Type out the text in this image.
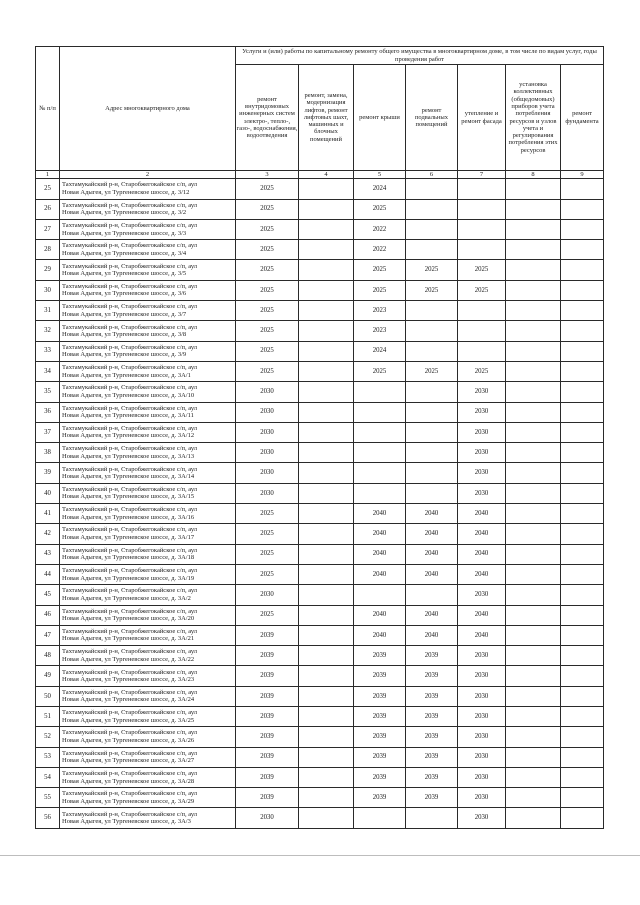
№ п/п	Адрес многоквартирного дома	Услуги и (или) работы по капитальному ремонту общего имущества в многоквартирном доме, в том числе по видам услуг, годы проведения работ						
		ремонт внутридомовых инженерных систем электро-, тепло-, газо-, водоснабжения, водоотведения	ремонт, замена, модернизация лифтов, ремонт лифтовых шахт, машинных и блочных помещений	ремонт крыши	ремонт подвальных помещений	утепление и ремонт фасада	установка коллективных (общедомовых) приборов учета потребления ресурсов и узлов учета и регулирования потребления этих ресурсов	ремонт фундамента
1	2	3	4	5	6	7	8	9
25	Тахтамукайский р-н, Старобжегокайское с/п, аул
Новая Адыгея, ул Тургеневское шоссе, д. 3/12	2025		2024				
26	Тахтамукайский р-н, Старобжегокайское с/п, аул
Новая Адыгея, ул Тургеневское шоссе, д. 3/2	2025		2025				
27	Тахтамукайский р-н, Старобжегокайское с/п, аул
Новая Адыгея, ул Тургеневское шоссе, д. 3/3	2025		2022				
28	Тахтамукайский р-н, Старобжегокайское с/п, аул
Новая Адыгея, ул Тургеневское шоссе, д. 3/4	2025		2022				
29	Тахтамукайский р-н, Старобжегокайское с/п, аул
Новая Адыгея, ул Тургеневское шоссе, д. 3/5	2025		2025	2025	2025		
30	Тахтамукайский р-н, Старобжегокайское с/п, аул
Новая Адыгея, ул Тургеневское шоссе, д. 3/6	2025		2025	2025	2025		
31	Тахтамукайский р-н, Старобжегокайское с/п, аул
Новая Адыгея, ул Тургеневское шоссе, д. 3/7	2025		2023				
32	Тахтамукайский р-н, Старобжегокайское с/п, аул
Новая Адыгея, ул Тургеневское шоссе, д. 3/8	2025		2023				
33	Тахтамукайский р-н, Старобжегокайское с/п, аул
Новая Адыгея, ул Тургеневское шоссе, д. 3/9	2025		2024				
34	Тахтамукайский р-н, Старобжегокайское с/п, аул
Новая Адыгея, ул Тургеневское шоссе, д. 3А/1	2025		2025	2025	2025		
35	Тахтамукайский р-н, Старобжегокайское с/п, аул
Новая Адыгея, ул Тургеневское шоссе, д. 3А/10	2030				2030		
36	Тахтамукайский р-н, Старобжегокайское с/п, аул
Новая Адыгея, ул Тургеневское шоссе, д. 3А/11	2030				2030		
37	Тахтамукайский р-н, Старобжегокайское с/п, аул
Новая Адыгея, ул Тургеневское шоссе, д. 3А/12	2030				2030		
38	Тахтамукайский р-н, Старобжегокайское с/п, аул
Новая Адыгея, ул Тургеневское шоссе, д. 3А/13	2030				2030		
39	Тахтамукайский р-н, Старобжегокайское с/п, аул
Новая Адыгея, ул Тургеневское шоссе, д. 3А/14	2030				2030		
40	Тахтамукайский р-н, Старобжегокайское с/п, аул
Новая Адыгея, ул Тургеневское шоссе, д. 3А/15	2030				2030		
41	Тахтамукайский р-н, Старобжегокайское с/п, аул
Новая Адыгея, ул Тургеневское шоссе, д. 3А/16	2025		2040	2040	2040		
42	Тахтамукайский р-н, Старобжегокайское с/п, аул
Новая Адыгея, ул Тургеневское шоссе, д. 3А/17	2025		2040	2040	2040		
43	Тахтамукайский р-н, Старобжегокайское с/п, аул
Новая Адыгея, ул Тургеневское шоссе, д. 3А/18	2025		2040	2040	2040		
44	Тахтамукайский р-н, Старобжегокайское с/п, аул
Новая Адыгея, ул Тургеневское шоссе, д. 3А/19	2025		2040	2040	2040		
45	Тахтамукайский р-н, Старобжегокайское с/п, аул
Новая Адыгея, ул Тургеневское шоссе, д. 3А/2	2030				2030		
46	Тахтамукайский р-н, Старобжегокайское с/п, аул
Новая Адыгея, ул Тургеневское шоссе, д. 3А/20	2025		2040	2040	2040		
47	Тахтамукайский р-н, Старобжегокайское с/п, аул
Новая Адыгея, ул Тургеневское шоссе, д. 3А/21	2039		2040	2040	2040		
48	Тахтамукайский р-н, Старобжегокайское с/п, аул
Новая Адыгея, ул Тургеневское шоссе, д. 3А/22	2039		2039	2039	2030		
49	Тахтамукайский р-н, Старобжегокайское с/п, аул
Новая Адыгея, ул Тургеневское шоссе, д. 3А/23	2039		2039	2039	2030		
50	Тахтамукайский р-н, Старобжегокайское с/п, аул
Новая Адыгея, ул Тургеневское шоссе, д. 3А/24	2039		2039	2039	2030		
51	Тахтамукайский р-н, Старобжегокайское с/п, аул
Новая Адыгея, ул Тургеневское шоссе, д. 3А/25	2039		2039	2039	2030		
52	Тахтамукайский р-н, Старобжегокайское с/п, аул
Новая Адыгея, ул Тургеневское шоссе, д. 3А/26	2039		2039	2039	2030		
53	Тахтамукайский р-н, Старобжегокайское с/п, аул
Новая Адыгея, ул Тургеневское шоссе, д. 3А/27	2039		2039	2039	2030		
54	Тахтамукайский р-н, Старобжегокайское с/п, аул
Новая Адыгея, ул Тургеневское шоссе, д. 3А/28	2039		2039	2039	2030		
55	Тахтамукайский р-н, Старобжегокайское с/п, аул
Новая Адыгея, ул Тургеневское шоссе, д. 3А/29	2039		2039	2039	2030		
56	Тахтамукайский р-н, Старобжегокайское с/п, аул
Новая Адыгея, ул Тургеневское шоссе, д. 3А/3	2030				2030		
